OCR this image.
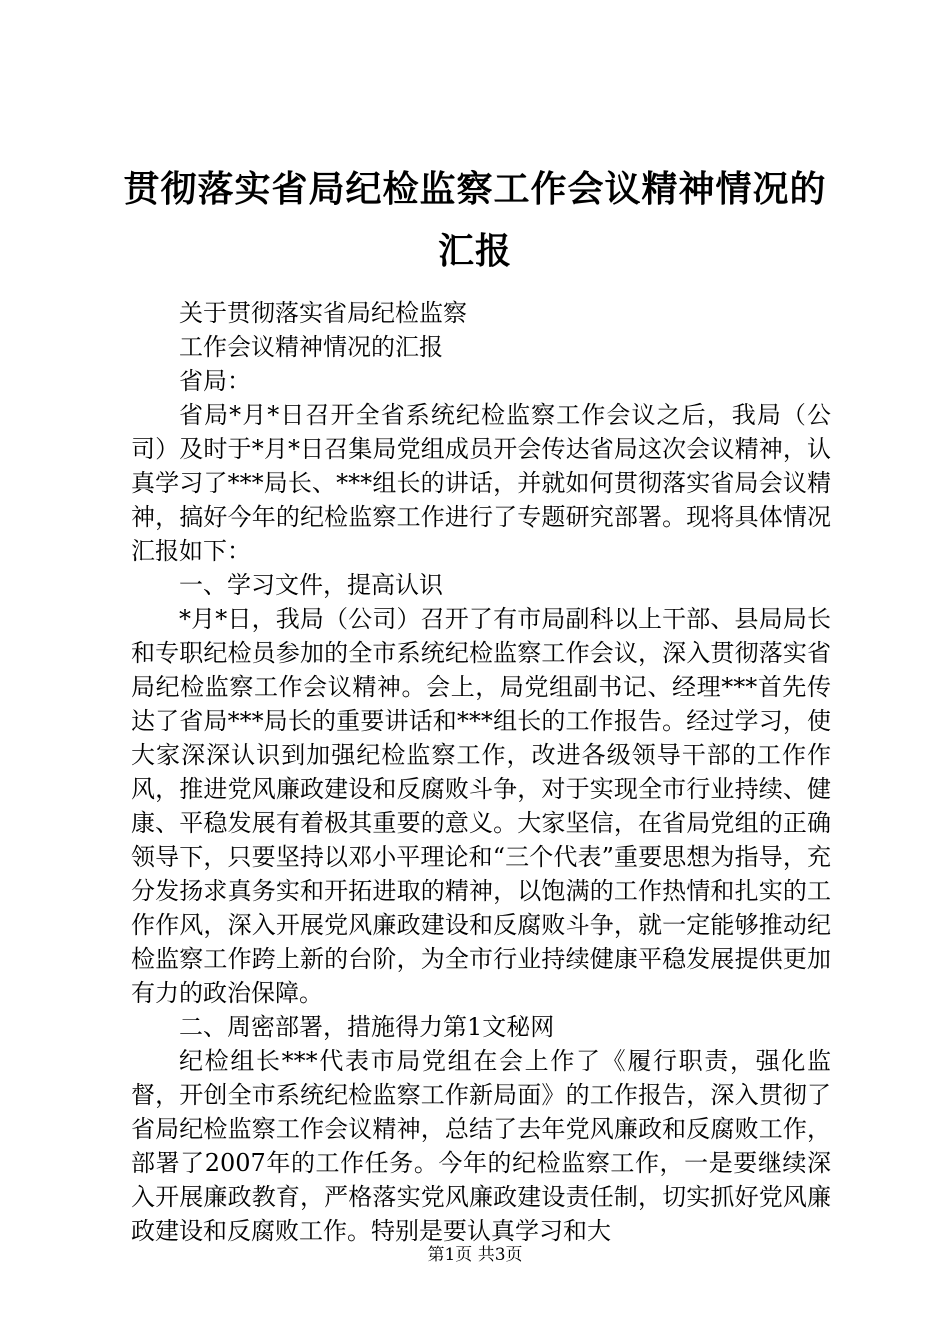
贯彻落实省局纪检监察工作会议精神情况的汇报

关于贯彻落实省局纪检监察

工作会议精神情况的汇报

省局：

省局*月*日召开全省系统纪检监察工作会议之后，我局（公司）及时于*月*日召集局党组成员开会传达省局这次会议精神，认真学习了***局长、***组长的讲话，并就如何贯彻落实省局会议精神，搞好今年的纪检监察工作进行了专题研究部署。现将具体情况汇报如下：

一、学习文件，提高认识

*月*日，我局（公司）召开了有市局副科以上干部、县局局长和专职纪检员参加的全市系统纪检监察工作会议，深入贯彻落实省局纪检监察工作会议精神。会上，局党组副书记、经理***首先传达了省局***局长的重要讲话和***组长的工作报告。经过学习，使大家深深认识到加强纪检监察工作，改进各级领导干部的工作作风，推进党风廉政建设和反腐败斗争，对于实现全市行业持续、健康、平稳发展有着极其重要的意义。大家坚信，在省局党组的正确领导下，只要坚持以邓小平理论和“三个代表”重要思想为指导，充分发扬求真务实和开拓进取的精神，以饱满的工作热情和扎实的工作作风，深入开展党风廉政建设和反腐败斗争，就一定能够推动纪检监察工作跨上新的台阶，为全市行业持续健康平稳发展提供更加有力的政治保障。

二、周密部署，措施得力第1文秘网

纪检组长***代表市局党组在会上作了《履行职责，强化监督，开创全市系统纪检监察工作新局面》的工作报告，深入贯彻了省局纪检监察工作会议精神，总结了去年党风廉政和反腐败工作，部署了2007年的工作任务。今年的纪检监察工作，一是要继续深入开展廉政教育，严格落实党风廉政建设责任制，切实抓好党风廉政建设和反腐败工作。特别是要认真学习和大

第1页 共3页
